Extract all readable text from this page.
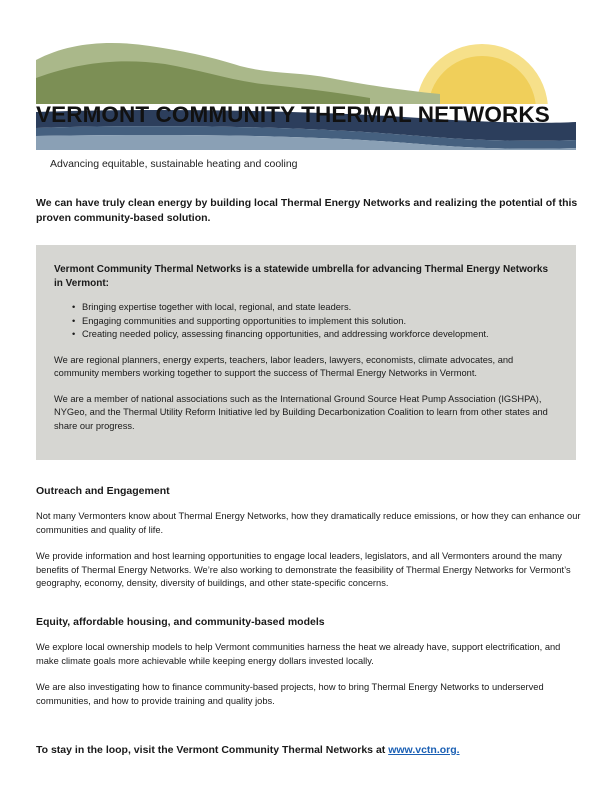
VERMONT COMMUNITY THERMAL NETWORKS
Advancing equitable, sustainable heating and cooling
We can have truly clean energy by building local Thermal Energy Networks and realizing the potential of this proven community-based solution.

Vermont Community Thermal Networks is a statewide umbrella for advancing Thermal Energy Networks in Vermont:

• Bringing expertise together with local, regional, and state leaders.
• Engaging communities and supporting opportunities to implement this solution.
• Creating needed policy, assessing financing opportunities, and addressing workforce development.

We are regional planners, energy experts, teachers, labor leaders, lawyers, economists, climate advocates, and community members working together to support the success of Thermal Energy Networks in Vermont.

We are a member of national associations such as the International Ground Source Heat Pump Association (IGSHPA), NYGeo, and the Thermal Utility Reform Initiative led by Building Decarbonization Coalition to learn from other states and share our progress.

Outreach and Engagement

Not many Vermonters know about Thermal Energy Networks, how they dramatically reduce emissions, or how they can enhance our communities and quality of life.

We provide information and host learning opportunities to engage local leaders, legislators, and all Vermonters around the many benefits of Thermal Energy Networks. We’re also working to demonstrate the feasibility of Thermal Energy Networks for Vermont’s geography, economy, density, diversity of buildings, and other state-specific concerns.

Equity, affordable housing, and community-based models

We explore local ownership models to help Vermont communities harness the heat we already have, support electrification, and make climate goals more achievable while keeping energy dollars invested locally.

We are also investigating how to finance community-based projects, how to bring Thermal Energy Networks to underserved communities, and how to provide training and quality jobs.

To stay in the loop, visit the Vermont Community Thermal Networks at www.vctn.org.
